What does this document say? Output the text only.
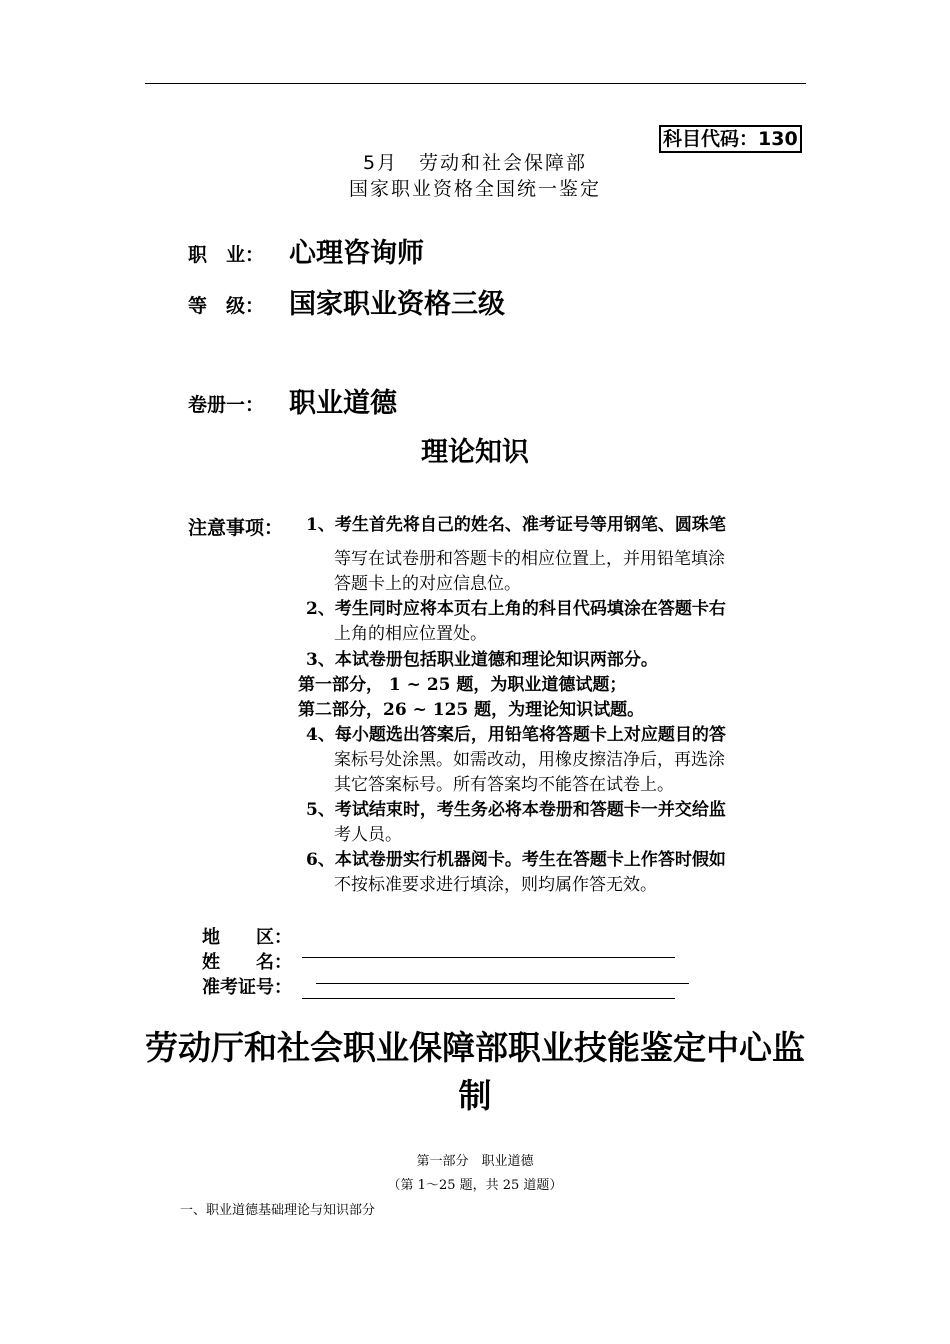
科目代码：130
5月　劳动和社会保障部
国家职业资格全国统一鉴定
职　业： 心理咨询师
等　级： 国家职业资格三级
卷册一： 职业道德
理论知识
注意事项： 1、考生首先将自己的姓名、准考证号等用钢笔、圆珠笔
等写在试卷册和答题卡的相应位置上，并用铅笔填涂
答题卡上的对应信息位。
2、考生同时应将本页右上角的科目代码填涂在答题卡右
上角的相应位置处。
3、本试卷册包括职业道德和理论知识两部分。
第一部分， 1 ~ 25 题，为职业道德试题；
第二部分，26 ~ 125 题，为理论知识试题。
4、每小题选出答案后，用铅笔将答题卡上对应题目的答
案标号处涂黑。如需改动，用橡皮擦洁净后，再选涂
其它答案标号。所有答案均不能答在试卷上。
5、考试结束时，考生务必将本卷册和答题卡一并交给监
考人员。
6、本试卷册实行机器阅卡。考生在答题卡上作答时假如
不按标准要求进行填涂，则均属作答无效。
地　　区：
姓　　名：
准考证号：
劳动厅和社会职业保障部职业技能鉴定中心监
制
第一部分　职业道德
（第 1～25 题，共 25 道题）
一、职业道德基础理论与知识部分
